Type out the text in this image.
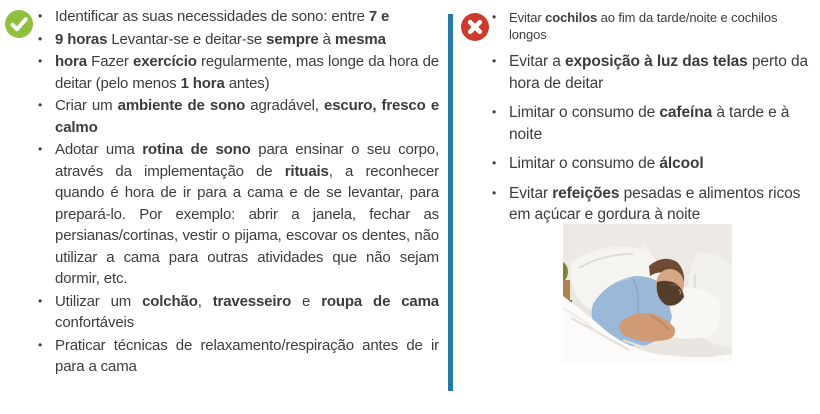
• Identificar as suas necessidades de sono: entre 7 e
• 9 horas Levantar-se e deitar-se sempre à mesma
• hora Fazer exercício regularmente, mas longe da hora de deitar (pelo menos 1 hora antes)
• Criar um ambiente de sono agradável, escuro, fresco e calmo
• Adotar uma rotina de sono para ensinar o seu corpo, através da implementação de rituais, a reconhecer quando é hora de ir para a cama e de se levantar, para prepará-lo. Por exemplo: abrir a janela, fechar as persianas/cortinas, vestir o pijama, escovar os dentes, não utilizar a cama para outras atividades que não sejam dormir, etc.
• Utilizar um colchão, travesseiro e roupa de cama confortáveis
• Praticar técnicas de relaxamento/respiração antes de ir para a cama
• Evitar cochilos ao fim da tarde/noite e cochilos longos
• Evitar a exposição à luz das telas perto da hora de deitar
• Limitar o consumo de cafeína à tarde e à noite
• Limitar o consumo de álcool
• Evitar refeições pesadas e alimentos ricos em açúcar e gordura à noite
